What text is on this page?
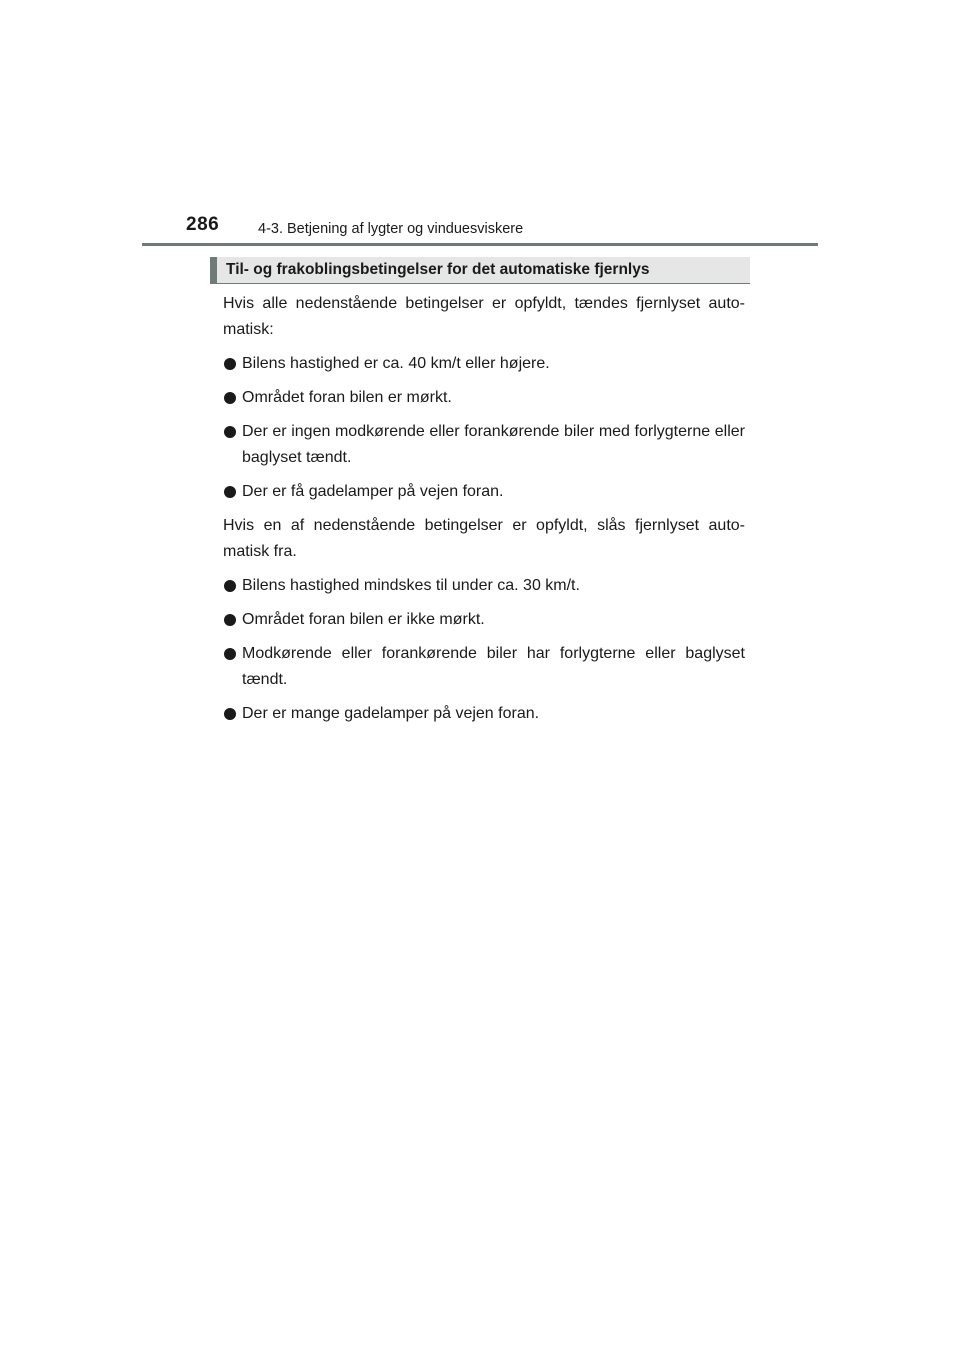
286	4-3. Betjening af lygter og vinduesviskere
Til- og frakoblingsbetingelser for det automatiske fjernlys

Hvis alle nedenstående betingelser er opfyldt, tændes fjernlyset auto-matisk:

Bilens hastighed er ca. 40 km/t eller højere.
Området foran bilen er mørkt.
Der er ingen modkørende eller forankørende biler med forlygterne eller baglyset tændt.
Der er få gadelamper på vejen foran.

Hvis en af nedenstående betingelser er opfyldt, slås fjernlyset auto-matisk fra.

Bilens hastighed mindskes til under ca. 30 km/t.
Området foran bilen er ikke mørkt.
Modkørende eller forankørende biler har forlygterne eller baglyset tændt.
Der er mange gadelamper på vejen foran.
